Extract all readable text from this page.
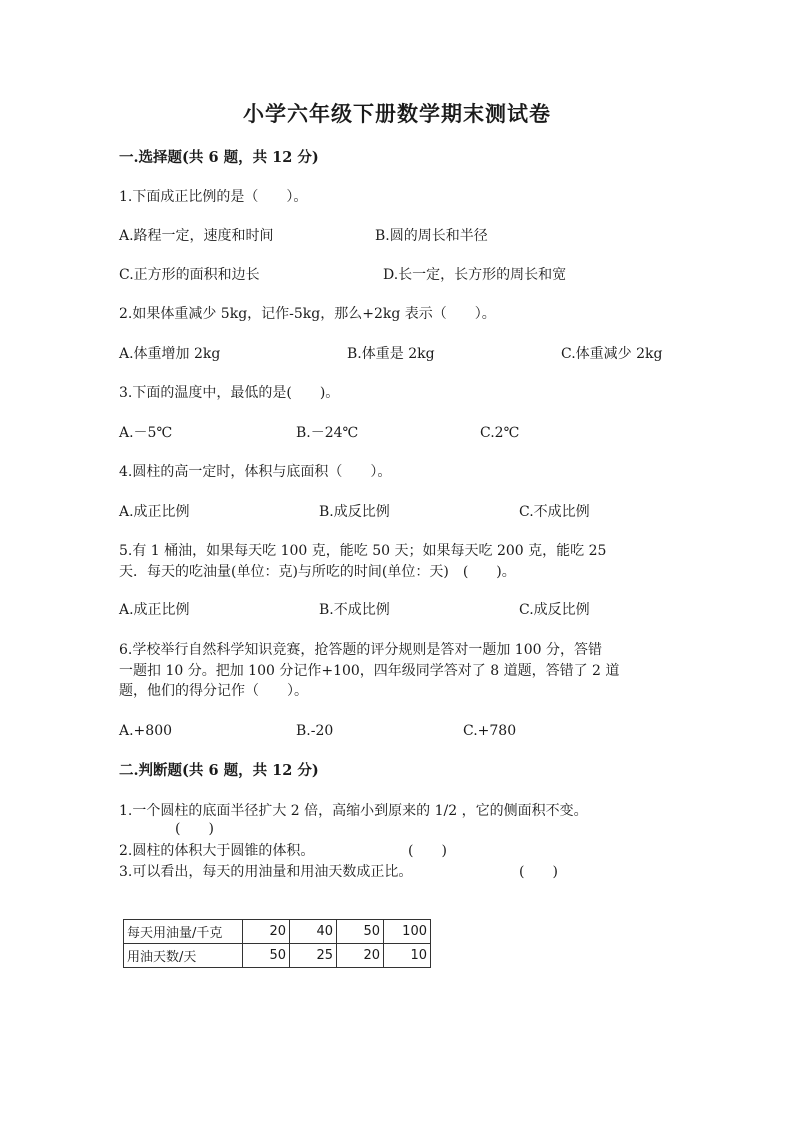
小学六年级下册数学期末测试卷
一.选择题(共 6 题，共 12 分)
1.下面成正比例的是（　　）。
A.路程一定，速度和时间	B.圆的周长和半径
C.正方形的面积和边长	D.长一定，长方形的周长和宽
2.如果体重减少 5kg，记作-5kg，那么+2kg 表示（　　）。
A.体重增加 2kg	B.体重是 2kg	C.体重减少 2kg
3.下面的温度中，最低的是(　　)。
A.－5℃	B.－24℃	C.2℃
4.圆柱的高一定时，体积与底面积（　　）。
A.成正比例	B.成反比例	C.不成比例
5.有 1 桶油，如果每天吃 100 克，能吃 50 天；如果每天吃 200 克，能吃 25
天．每天的吃油量(单位：克)与所吃的时间(单位：天)　(　　)。
A.成正比例	B.不成比例	C.成反比例
6.学校举行自然科学知识竞赛，抢答题的评分规则是答对一题加 100 分，答错
一题扣 10 分。把加 100 分记作+100，四年级同学答对了 8 道题，答错了 2 道
题，他们的得分记作（　　）。
A.+800	B.-20	C.+780
二.判断题(共 6 题，共 12 分)
1.一个圆柱的底面半径扩大 2 倍，高缩小到原来的 1/2 ，它的侧面积不变。
(　　)
2.圆柱的体积大于圆锥的体积。	(　　)
3.可以看出，每天的用油量和用油天数成正比。	(　　)
每天用油量/千克	20	40	50	100
用油天数/天	50	25	20	10
